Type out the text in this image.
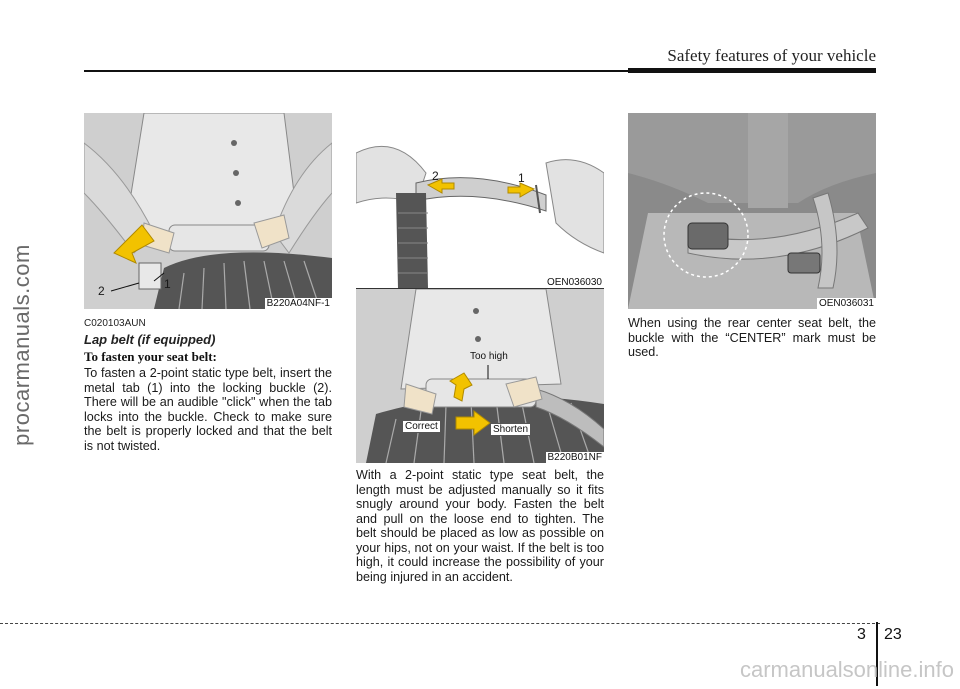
Safety features of your vehicle
procarmanuals.com	2	1
B220A04NF-1
2	1
OEN036030
Too high
Correct	Shorten
B220B01NF
OEN036031
C020103AUN
Lap belt (if equipped)
To fasten your seat belt:

To fasten a 2-point static type belt, insert the metal tab (1) into the locking buckle (2). There will be an audible "click" when the tab locks into the buckle. Check to make sure the belt is properly locked and that the belt is not twisted.

With a 2-point static type seat belt, the length must be adjusted manually so it fits snugly around your body. Fasten the belt and pull on the loose end to tighten. The belt should be placed as low as possible on your hips, not on your waist. If the belt is too high, it could increase the possibility of your being injured in an accident.

When using the rear center seat belt, the buckle with the “CENTER” mark must be used.

3 23
carmanualsonline.info
